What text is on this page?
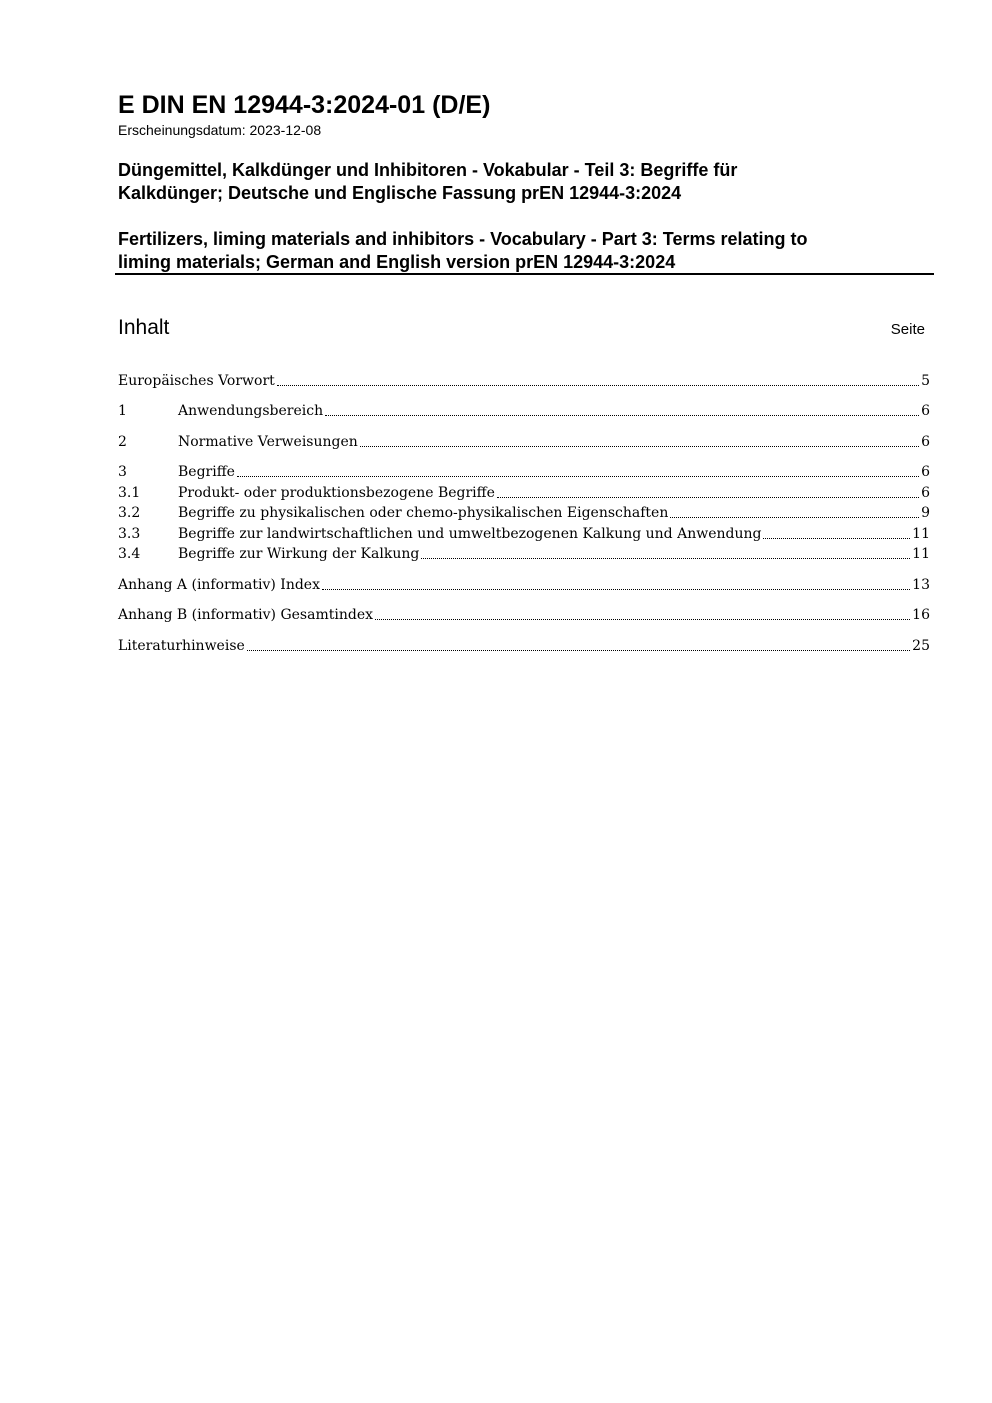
E DIN EN 12944-3:2024-01 (D/E)
Erscheinungsdatum: 2023-12-08
Düngemittel, Kalkdünger und Inhibitoren - Vokabular - Teil 3: Begriffe für
Kalkdünger; Deutsche und Englische Fassung prEN 12944-3:2024
Fertilizers, liming materials and inhibitors - Vocabulary - Part 3: Terms relating to
liming materials; German and English version prEN 12944-3:2024
Inhalt	Seite
Europäisches Vorwort	5
1	Anwendungsbereich	6
2	Normative Verweisungen	6
3	Begriffe	6
3.1	Produkt- oder produktionsbezogene Begriffe	6
3.2	Begriffe zu physikalischen oder chemo-physikalischen Eigenschaften	9
3.3	Begriffe zur landwirtschaftlichen und umweltbezogenen Kalkung und Anwendung	11
3.4	Begriffe zur Wirkung der Kalkung	11
Anhang A (informativ) Index	13
Anhang B (informativ) Gesamtindex	16
Literaturhinweise	25
